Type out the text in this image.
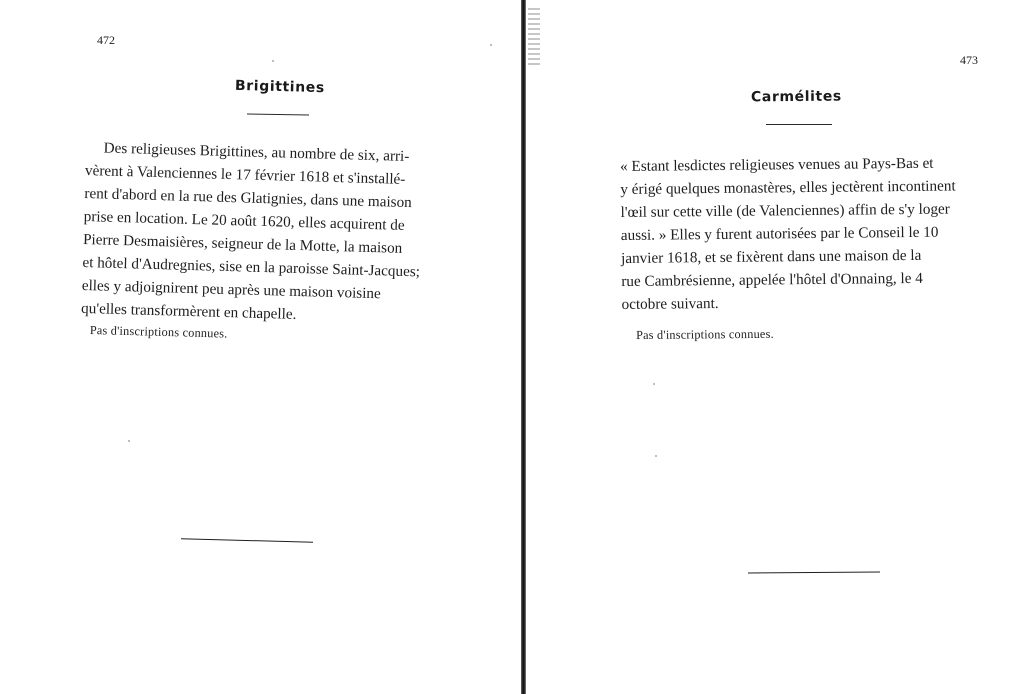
472
Brigittines
Des religieuses Brigittines, au nombre de six, arri-
vèrent à Valenciennes le 17 février 1618 et s'installé-
rent d'abord en la rue des Glatignies, dans une maison
prise en location. Le 20 août 1620, elles acquirent de
Pierre Desmaisières, seigneur de la Motte, la maison
et hôtel d'Audregnies, sise en la paroisse Saint-Jacques;
elles y adjoignirent peu après une maison voisine
qu'elles transformèrent en chapelle.
Pas d'inscriptions connues.
473
Carmélites
« Estant lesdictes religieuses venues au Pays-Bas et
y érigé quelques monastères, elles jectèrent incontinent
l'œil sur cette ville (de Valenciennes) affin de s'y loger
aussi. » Elles y furent autorisées par le Conseil le 10
janvier 1618, et se fixèrent dans une maison de la
rue Cambrésienne, appelée l'hôtel d'Onnaing, le 4
octobre suivant.
Pas d'inscriptions connues.
